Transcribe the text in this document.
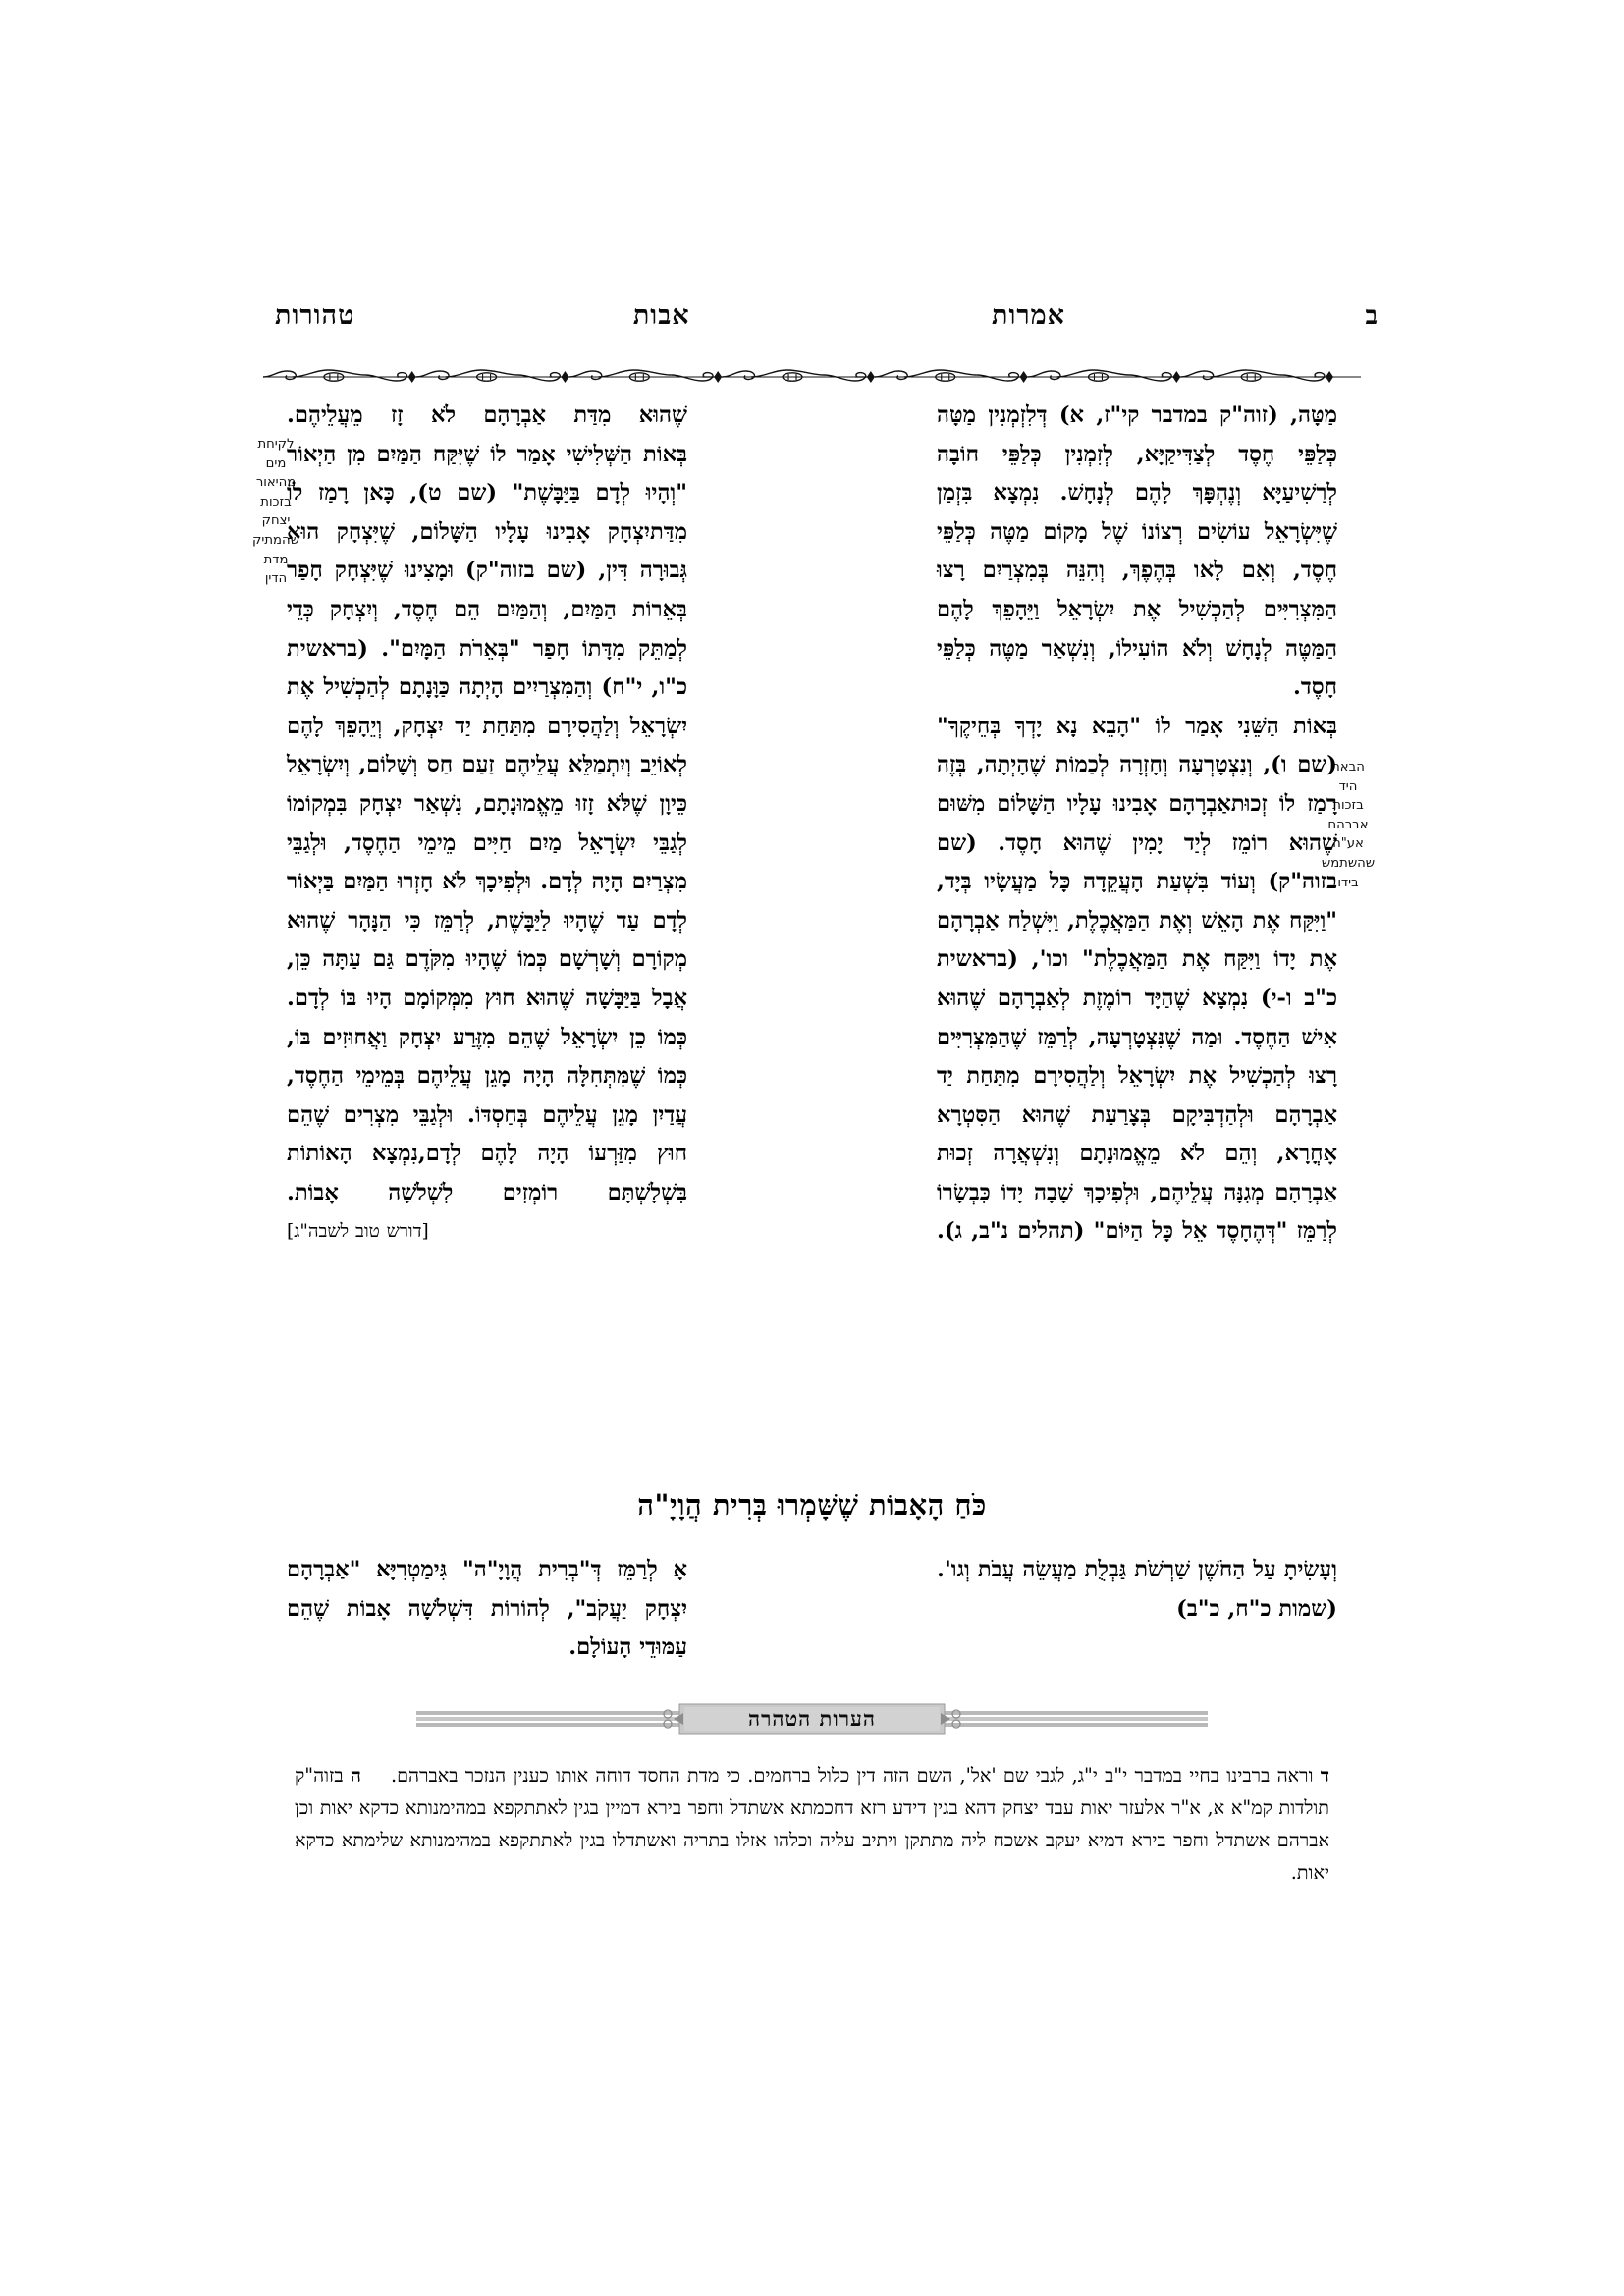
ב
אמרות
אבות
טהורות
לקיחת
מים
מהיאור
בזכות
יצחק
שהמתיק
מדת
הדין
הבאת
היד
בזכות
אברהם
אע"ה
שהשתמש
בידו

מַטָּה, (זוה"ק במדבר קי"ז, א) דְּלִזְמְנִין מַטָּה כְּלַפֵּי חֶסֶד לְצַדִּיקַיָּא, לְזִמְנִין כְּלַפֵּי חוֹבָה לְרַשִׁיעַיָּא וְנֶהְפָּךְ לָהֶם לְנָחָשׁ. נִמְצָא בִּזְמַן שֶׁיִּשְׂרָאֵל עוֹשִׂים רְצוֹנוֹ שֶׁל מָקוֹם מַטֶּה כְּלַפֵּי חֶסֶד, וְאִם לָאו בְּהֶפֶךְ, וְהִנֵּה בְּמִצְרַיִם רָצוּ הַמִּצְרִיִּים לְהַכְשִׁיל אֶת יִשְׂרָאֵל וַיֵּהָפֵךְ לָהֶם הַמַּטֶּה לְנָחָשׁ וְלֹא הוֹעִילוֹ, וְנִשְׁאַר מַטֶּה כְּלַפֵּי חָסֶד.

בְּאוֹת הַשֵּׁנִי אָמַר לוֹ "הָבֵא נָא יָדְךָ בְּחֵיקֶךָ" (שם ו), וְנִצְטָרְעָה וְחָזְרָה לְכַמוֹת שֶׁהָיְתָה, בְּזֶה רָמַז לוֹ זְכוּתאַבְרָהָם אָבִינוּ עָלָיו הַשָּׁלוֹם מִשּׁוּם שֶׁהוּא רוֹמֵז לְיַד יָמִין שֶׁהוּא חָסֶד. (שם בזוה"ק) וְעוֹד בִּשְׁעַת הָעֲקֵדָה כָּל מַעֲשָׂיו בְּיָד, "וַיִּקַּח אֶת הָאֵשׁ וְאֶת הַמַּאֲכֶלֶת, וַיִּשְׁלַח אַבְרָהָם אֶת יָדוֹ וַיִּקַּח אֶת הַמַּאֲכֶלֶת" וכו', (בראשית כ"ב ו-י) נִמְצָא שֶׁהַיָּד רוֹמֶזֶת לְאַבְרָהָם שֶׁהוּא אִישׁ הַחֶסֶד. וּמַה שֶׁנִּצְטָרְעָה, לְרַמֵּז שֶׁהַמִּצְרִיִּים רָצוּ לְהַכְשִׁיל אֶת יִשְׂרָאֵל וְלַהֲסִירָם מִתַּחַת יַד אַבְרָהָם וּלְהַדְבִּיקָם בְּצָרַעַת שֶׁהוּא הַסִּטְרָא אָחֳרָא, וְהֵם לֹא מֵאֱמוּנָתָם וְנִשְׁאֲרָה זְכוּת אַבְרָהָם מְגִנָּה עֲלֵיהֶם, וּלְפִיכָךְ שָׁבָה יָדוֹ כִּבְשָׂרוֹ לְרַמֵּז "דְּהֶחָסֶד אֵל כָּל הַיּוֹם" (תהלים נ"ב, ג).

שֶׁהוּא מִדַּת אַבְרָהָם לֹא זָז מֵעֲלֵיהֶם.

בְּאוֹת הַשְּׁלִישִׁי אָמַר לוֹ שֶׁיִּקַּח הַמַּיִם מִן הַיְאוֹר "וְהָיוּ לְדָם בַּיַּבָּשֶׁת" (שם ט), כָּאן רָמַז לוֹ מִדַּתיִצְחָק אָבִינוּ עָלָיו הַשָּׁלוֹם, שֶׁיִּצְחָק הוּא גְּבוּרָה דִּין, (שם בזוה"ק) וּמָצִינוּ שֶׁיִּצְחָק חָפַר בְּאֵרוֹת הַמַּיִם, וְהַמַּיִם הֵם חֶסֶד, וְיִצְחָק כְּדֵי לְמַתֵּק מִדָּתוֹ חָפַר "בְּאֵרֹת הַמָּיִם". (בראשית כ"ו, י"ח) וְהַמִּצְרַיִים הָיְתָה כַּוָּנָתָם לְהַכְשִׁיל אֶת יִשְׂרָאֵל וְלַהֲסִירָם מִתַּחַת יַד יִצְחָק, וְיֵהָפֵךְ לָהֶם לְאוֹיֵב וְיִתְמַלֵּא עֲלֵיהֶם זַעַם חַס וְשָׁלוֹם, וְיִשְׂרָאֵל כֵּיוָן שֶׁלֹּא זָזוּ מֵאֱמוּנָתָם, נִשְׁאַר יִצְחָק בִּמְקוֹמוֹ לְגַבֵּי יִשְׂרָאֵל מַיִם חַיִּים מֵימֵי הַחֶסֶד, וּלְגַבֵּי מִצְרַיִם הָיָה לְדָם. וּלְפִיכָךְ לֹא חָזְרוּ הַמַּיִם בַּיְאוֹר לְדָם עַד שֶׁהָיוּ לַיַּבָּשֶׁת, לְרַמֵּז כִּי הַנָּהָר שֶׁהוּא מְקוֹרָם וְשָׁרְשָׁם כְּמוֹ שֶׁהָיוּ מִקֹּדֶם גַּם עַתָּה כֵּן, אֲבָל בַּיַּבָּשָׁה שֶׁהוּא חוּץ מִמְּקוֹמָם הָיוּ בּוֹ לְדָם. כְּמוֹ כֵן יִשְׂרָאֵל שֶׁהֵם מִזֶּרַע יִצְחָק וַאֲחוּזִים בּוֹ, כְּמוֹ שֶׁמִּתְּחִלָּה הָיָה מָגֵן עֲלֵיהֶם בְּמֵימֵי הַחֶסֶד, עֲדַיִן מָגֵן עֲלֵיהֶם בְּחַסְדּוֹ. וּלְגַבֵּי מִצְרִים שֶׁהֵם חוּץ מִזַּרְעוֹ הָיָה לָהֶם לְדָם,נִמְצָא הָאוֹתוֹת בִּשְׁלָשְׁתָּם רוֹמְזִים לִשְׁלֹשָׁה אָבוֹת.

[דורש טוב לשבה"ג]

כֹּחַ הָאָבוֹת שֶׁשָּׁמְרוּ בְּרִית הֲוָיָ"ה

וְעָשִׂיתָ עַל הַחֹשֶׁן שַׁרְשֹׁת גַּבְלֻת מַעֲשֵׂה עֲבֹת וְגו'. (שמות כ"ח, כ"ב)

אָ לְרַמֵּז דְּ"בְרִית הֲוָיָ"ה" גִּימַטְרִיָּא "אַבְרָהָם יִצְחָק יַעֲקֹב", לְהוֹרוֹת דִּשְׁלֹשָׁה אָבוֹת שֶׁהֵם עַמּוּדֵי הָעוֹלָם.

הערות הטהרה

ד וראה ברבינו בחיי במדבר י"ב י"ג, לגבי שם 'אל', השם הזה דין כלול ברחמים. כי מדת החסד דוחה אותו כענין הנזכר באברהם.ה בזוה"ק תולדות קמ"א א, א"ר אלעזר יאות עבד יצחק דהא בגין דידע רזא דחכמתא אשתדל וחפר בירא דמיין בגין לאתתקפא במהימנותא כדקא יאות וכן אברהם אשתדל וחפר בירא דמיא יעקב אשכח ליה מתתקן ויתיב עליה וכלהו אזלו בתריה ואשתדלו בגין לאתתקפא במהימנותא שלימתא כדקא יאות.
